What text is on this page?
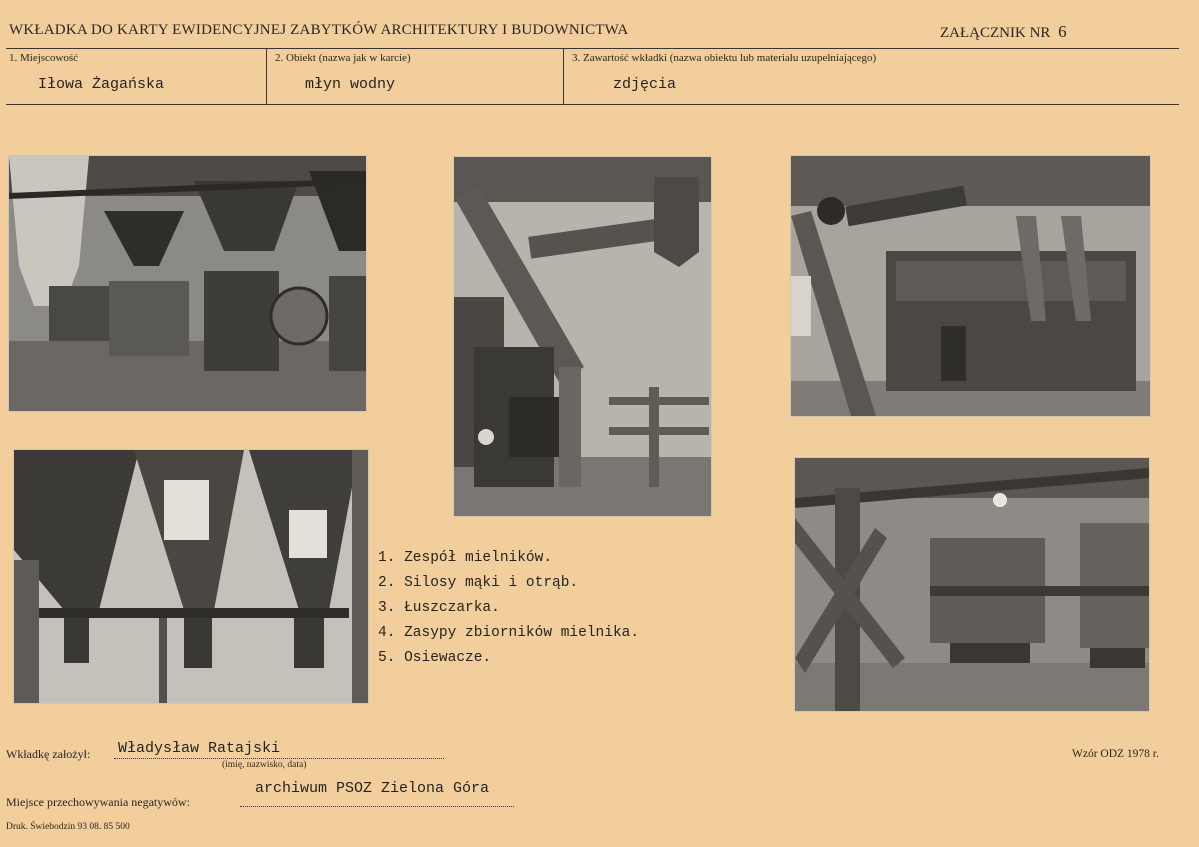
WKŁADKA DO KARTY EWIDENCYJNEJ ZABYTKÓW ARCHITEKTURY I BUDOWNICTWA	ZAŁĄCZNIK NR 6
1. Miejscowość
Iłowa Żagańska
2. Obiekt (nazwa jak w karcie)
młyn wodny
3. Zawartość wkładki (nazwa obiektu lub materiału uzupełniającego)
zdjęcia
1. Zespół mielników.
2. Silosy mąki i otrąb.
3. Łuszczarka.
4. Zasypy zbiorników mielnika.
5. Osiewacze.
Wkładkę założył: Władysław Ratajski
(imię, nazwisko, data)
Wzór ODZ 1978 r.
archiwum PSOZ Zielona Góra
Miejsce przechowywania negatywów:
Druk. Świebodzin 93 08. 85 500
